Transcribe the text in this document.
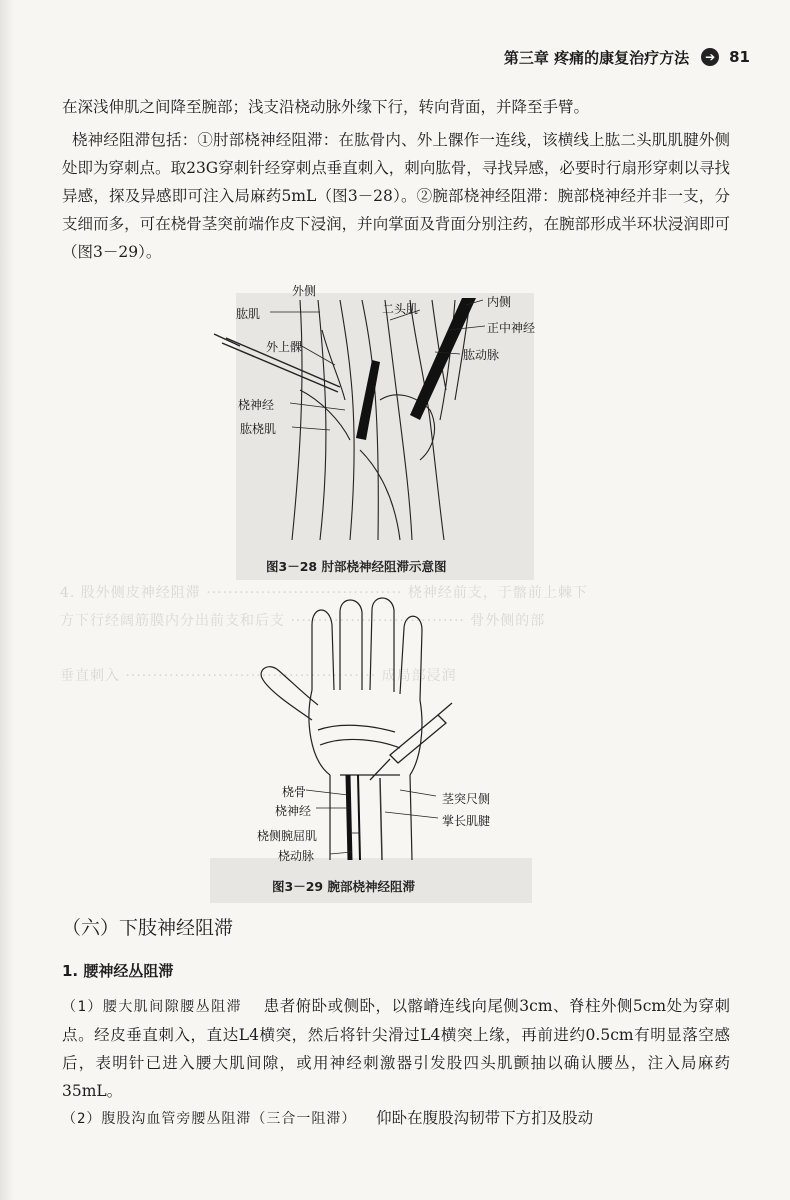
4. 股外侧皮神经阻滞 ···································· 桡神经前支，于髂前上棘下
方下行经阔筋膜内分出前支和后支 ································ 骨外侧的部
垂直刺入 ·············································· 成局部浸润
第三章 疼痛的康复治疗方法	➔ 81

在深浅伸肌之间降至腕部；浅支沿桡动脉外缘下行，转向背面，并降至手臂。

桡神经阻滞包括：①肘部桡神经阻滞：在肱骨内、外上髁作一连线，该横线上肱二头肌肌腱外侧处即为穿刺点。取23G穿刺针经穿刺点垂直刺入，刺向肱骨，寻找异感，必要时行扇形穿刺以寻找异感，探及异感即可注入局麻药5mL（图3－28）。②腕部桡神经阻滞：腕部桡神经并非一支，分支细而多，可在桡骨茎突前端作皮下浸润，并向掌面及背面分别注药，在腕部形成半环状浸润即可（图3－29）。

外侧
肱肌	二头肌	内侧
正中神经
外上髁
肱动脉
桡神经
肱桡肌
图3－28 肘部桡神经阻滞示意图
桡骨
桡神经
桡侧腕屈肌
桡动脉
茎突尺侧
掌长肌腱
图3－29 腕部桡神经阻滞
（六）下肢神经阻滞
1. 腰神经丛阻滞

（1）腰大肌间隙腰丛阻滞 患者俯卧或侧卧，以髂嵴连线向尾侧3cm、脊柱外侧5cm处为穿刺点。经皮垂直刺入，直达L4横突，然后将针尖滑过L4横突上缘，再前进约0.5cm有明显落空感后，表明针已进入腰大肌间隙，或用神经刺激器引发股四头肌颤抽以确认腰丛，注入局麻药35mL。

（2）腹股沟血管旁腰丛阻滞（三合一阻滞） 仰卧在腹股沟韧带下方扪及股动
